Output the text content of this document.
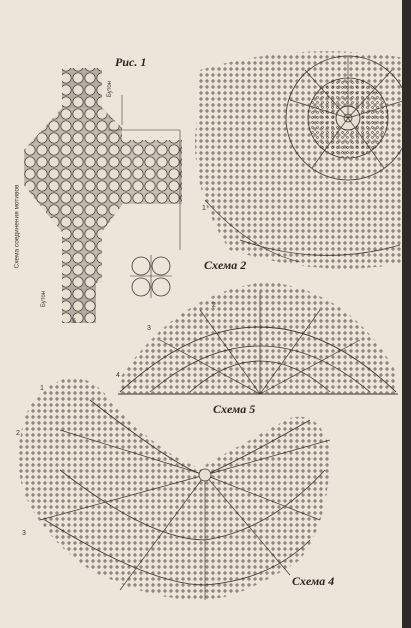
Рис. 1
Схема 2
Схема 5
Схема 4
Схема соединения мотивов
Бутон
Бутон
1
2
3
1
2
3
4
5
